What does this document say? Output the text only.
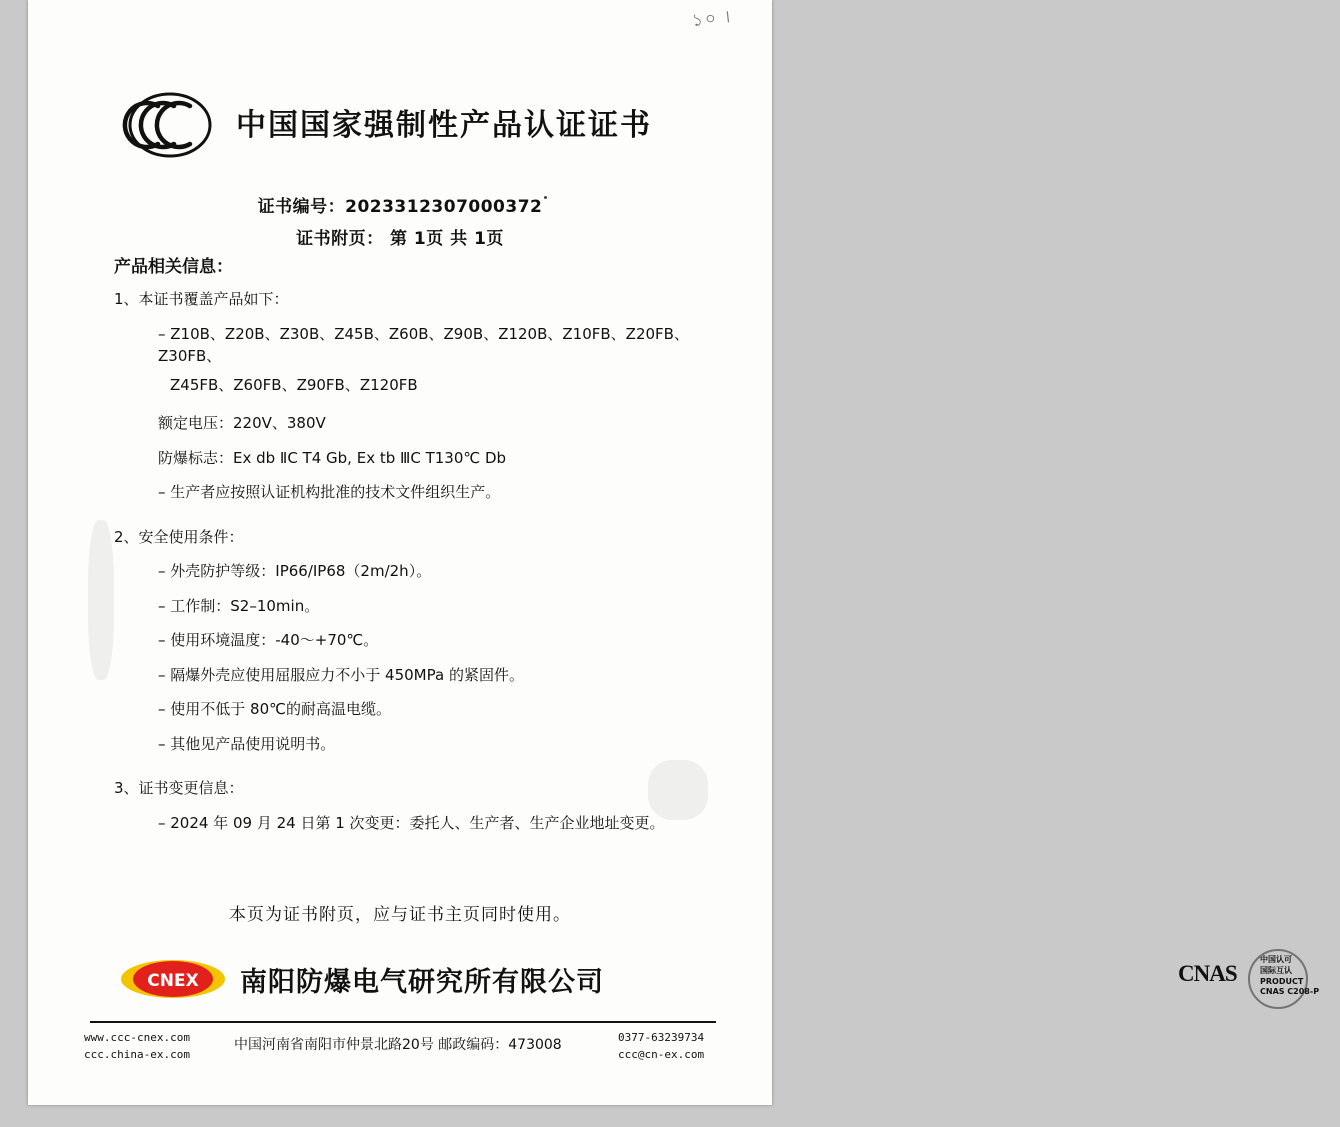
১০ ।
中国国家强制性产品认证证书
证书编号：2023312307000372
证书附页： 第 1页 共 1页
产品相关信息：

1、本证书覆盖产品如下：

– Z10B、Z20B、Z30B、Z45B、Z60B、Z90B、Z120B、Z10FB、Z20FB、Z30FB、

Z45FB、Z60FB、Z90FB、Z120FB

额定电压：220V、380V

防爆标志：Ex db ⅡC T4 Gb, Ex tb ⅢC T130℃ Db

– 生产者应按照认证机构批准的技术文件组织生产。

2、安全使用条件：

– 外壳防护等级：IP66/IP68（2m/2h）。

– 工作制：S2–10min。

– 使用环境温度：-40～+70℃。

– 隔爆外壳应使用屈服应力不小于 450MPa 的紧固件。

– 使用不低于 80℃的耐高温电缆。

– 其他见产品使用说明书。

3、证书变更信息：

– 2024 年 09 月 24 日第 1 次变更：委托人、生产者、生产企业地址变更。

本页为证书附页，应与证书主页同时使用。
CNEX 南阳防爆电气研究所有限公司	CNAS
中国认可
国际互认
PRODUCT
CNAS C208-P
www.ccc-cnex.com
ccc.china-ex.com
中国河南省南阳市仲景北路20号 邮政编码：473008	0377-63239734
ccc@cn-ex.com
